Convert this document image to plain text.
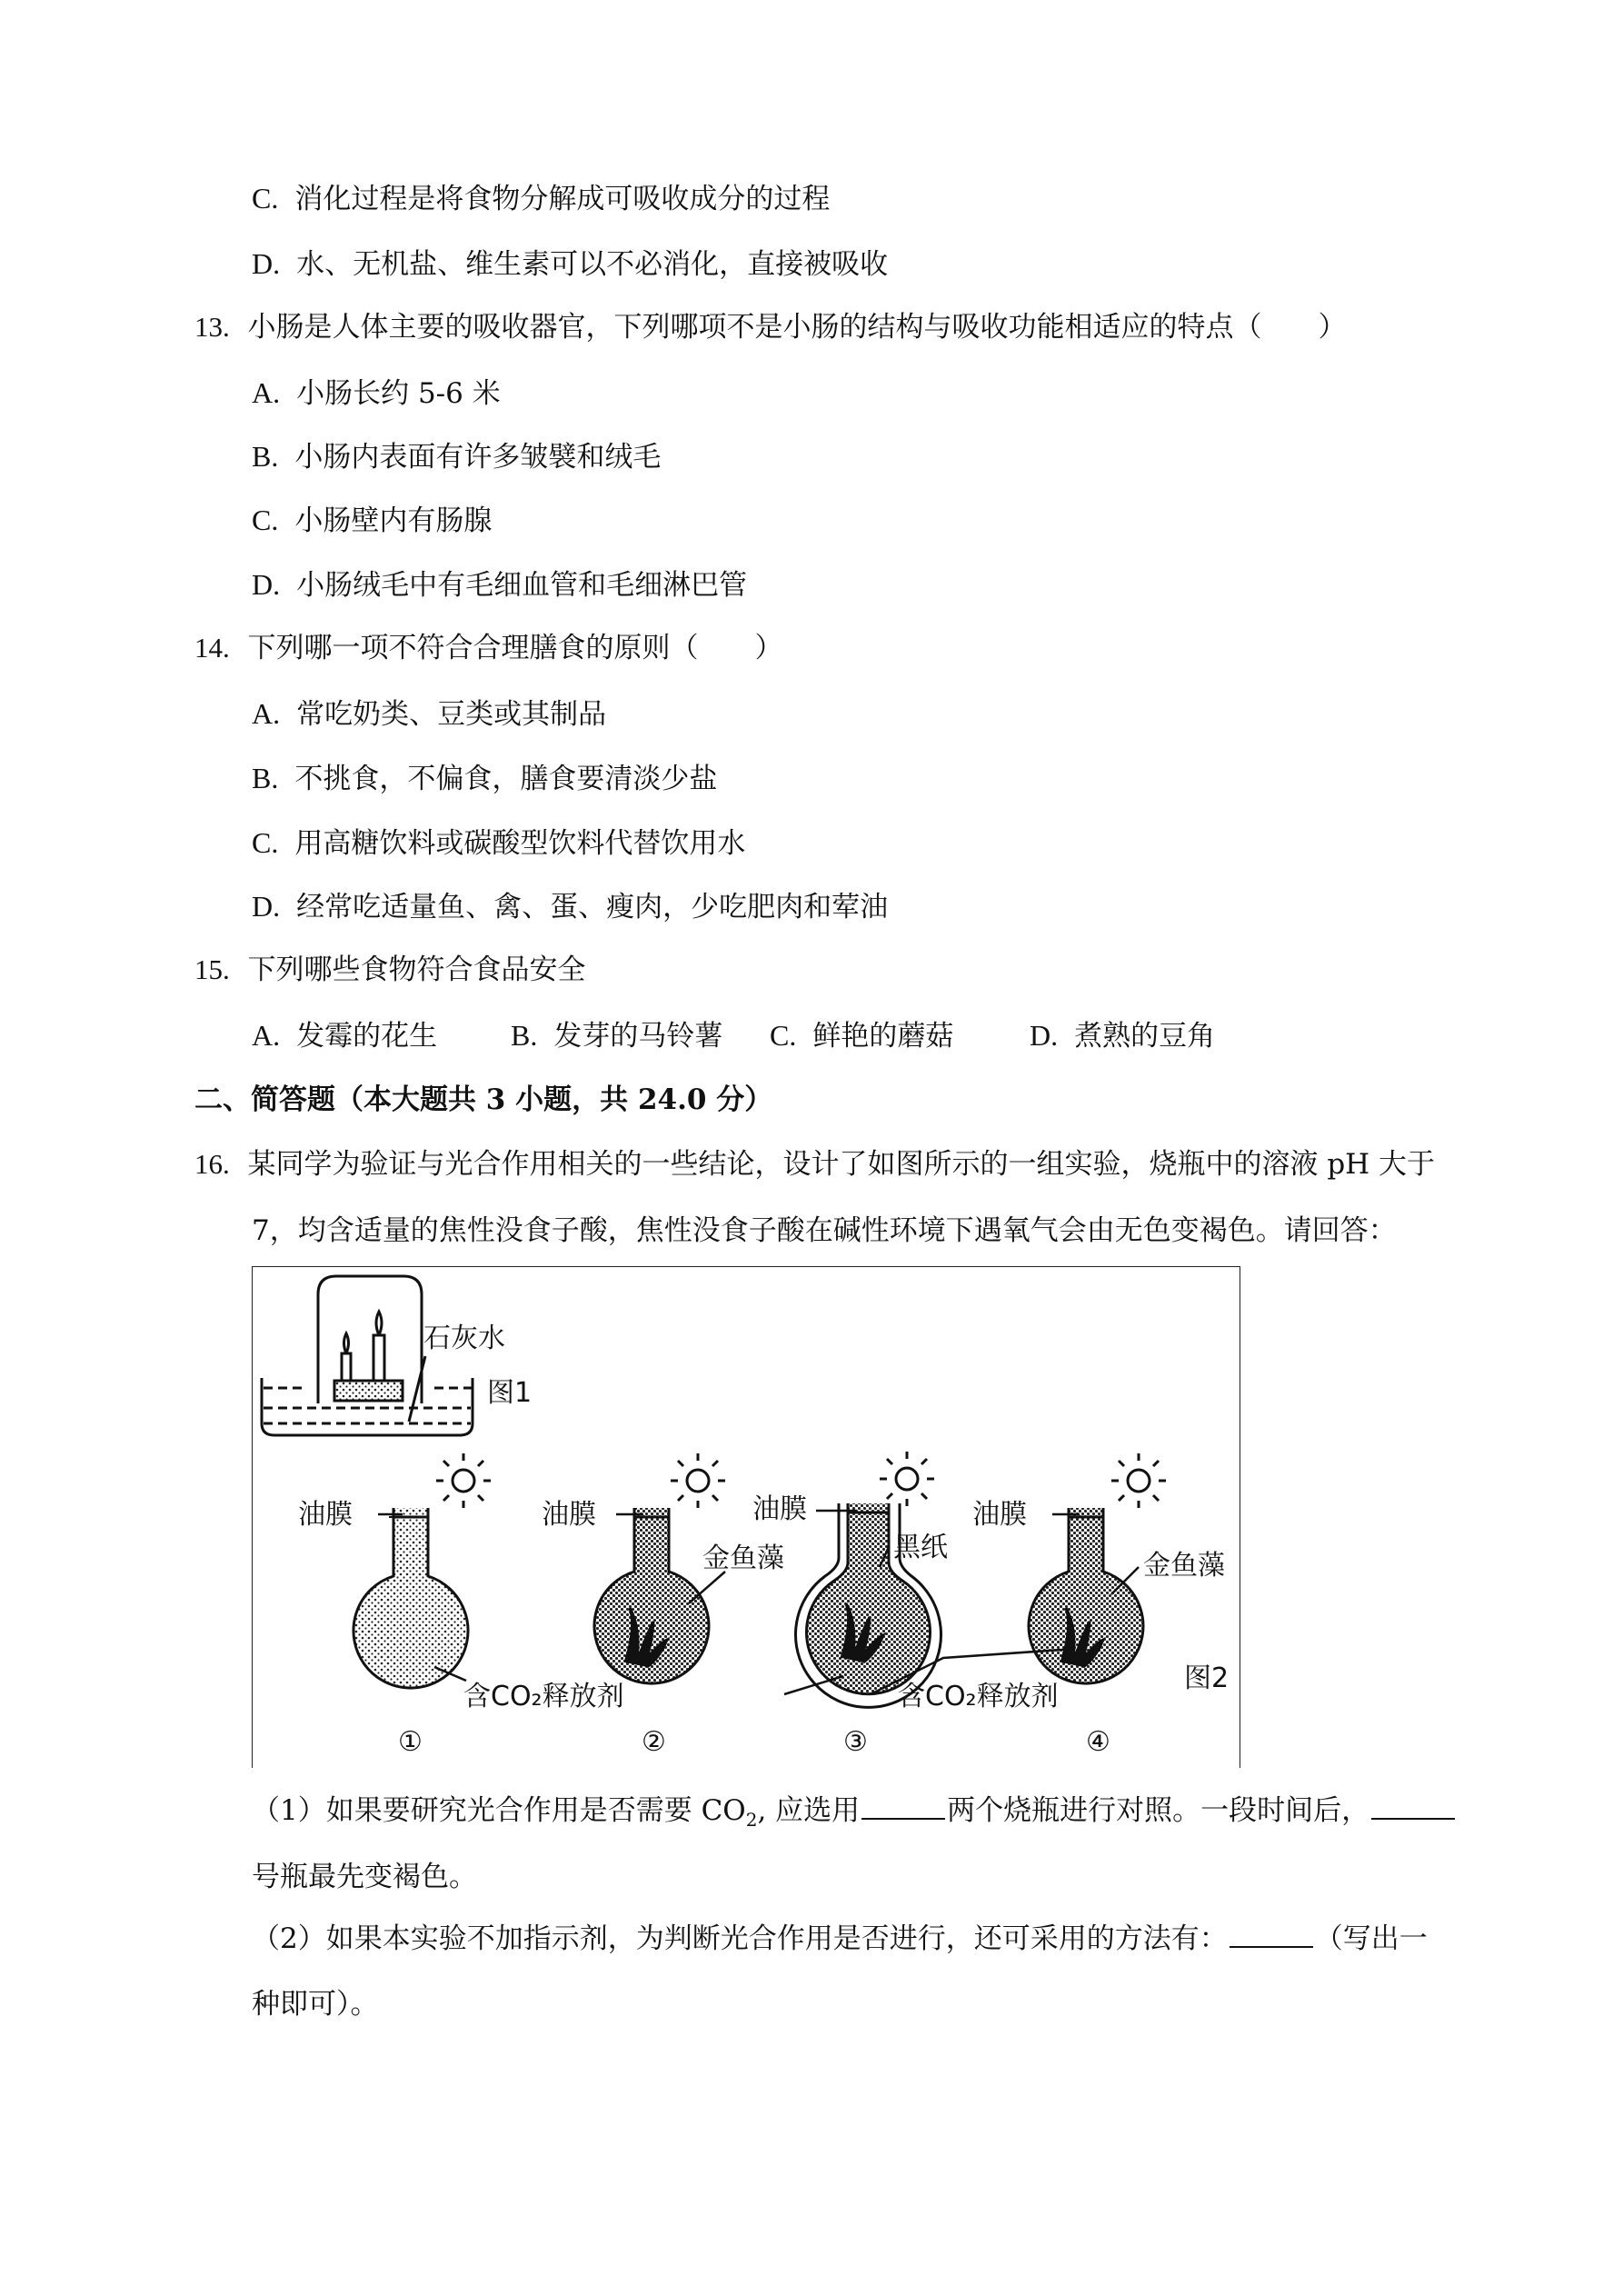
C. 消化过程是将食物分解成可吸收成分的过程
D. 水、无机盐、维生素可以不必消化，直接被吸收
13. 小肠是人体主要的吸收器官，下列哪项不是小肠的结构与吸收功能相适应的特点（　　）
A. 小肠长约 5-6 米
B. 小肠内表面有许多皱襞和绒毛
C. 小肠壁内有肠腺
D. 小肠绒毛中有毛细血管和毛细淋巴管
14. 下列哪一项不符合合理膳食的原则（　　）
A. 常吃奶类、豆类或其制品
B. 不挑食，不偏食，膳食要清淡少盐
C. 用高糖饮料或碳酸型饮料代替饮用水
D. 经常吃适量鱼、禽、蛋、瘦肉，少吃肥肉和荤油
15. 下列哪些食物符合食品安全
A. 发霉的花生	B. 发芽的马铃薯 C. 鲜艳的蘑菇	D. 煮熟的豆角
二、简答题（本大题共 3 小题，共 24.0 分）
16. 某同学为验证与光合作用相关的一些结论，设计了如图所示的一组实验，烧瓶中的溶液 pH 大于
7，均含适量的焦性没食子酸，焦性没食子酸在碱性环境下遇氧气会由无色变褐色。请回答：
石灰水
图1
油膜	油膜	油膜	油膜
金鱼藻	黑纸
金鱼藻
含CO₂释放剂	含CO₂释放剂
图2
①	②	③	④
（1）如果要研究光合作用是否需要 $CO_2$, 应选用	两个烧瓶进行对照。一段时间后，
号瓶最先变褐色。
（2）如果本实验不加指示剂，为判断光合作用是否进行，还可采用的方法有：	（写出一
种即可）。
